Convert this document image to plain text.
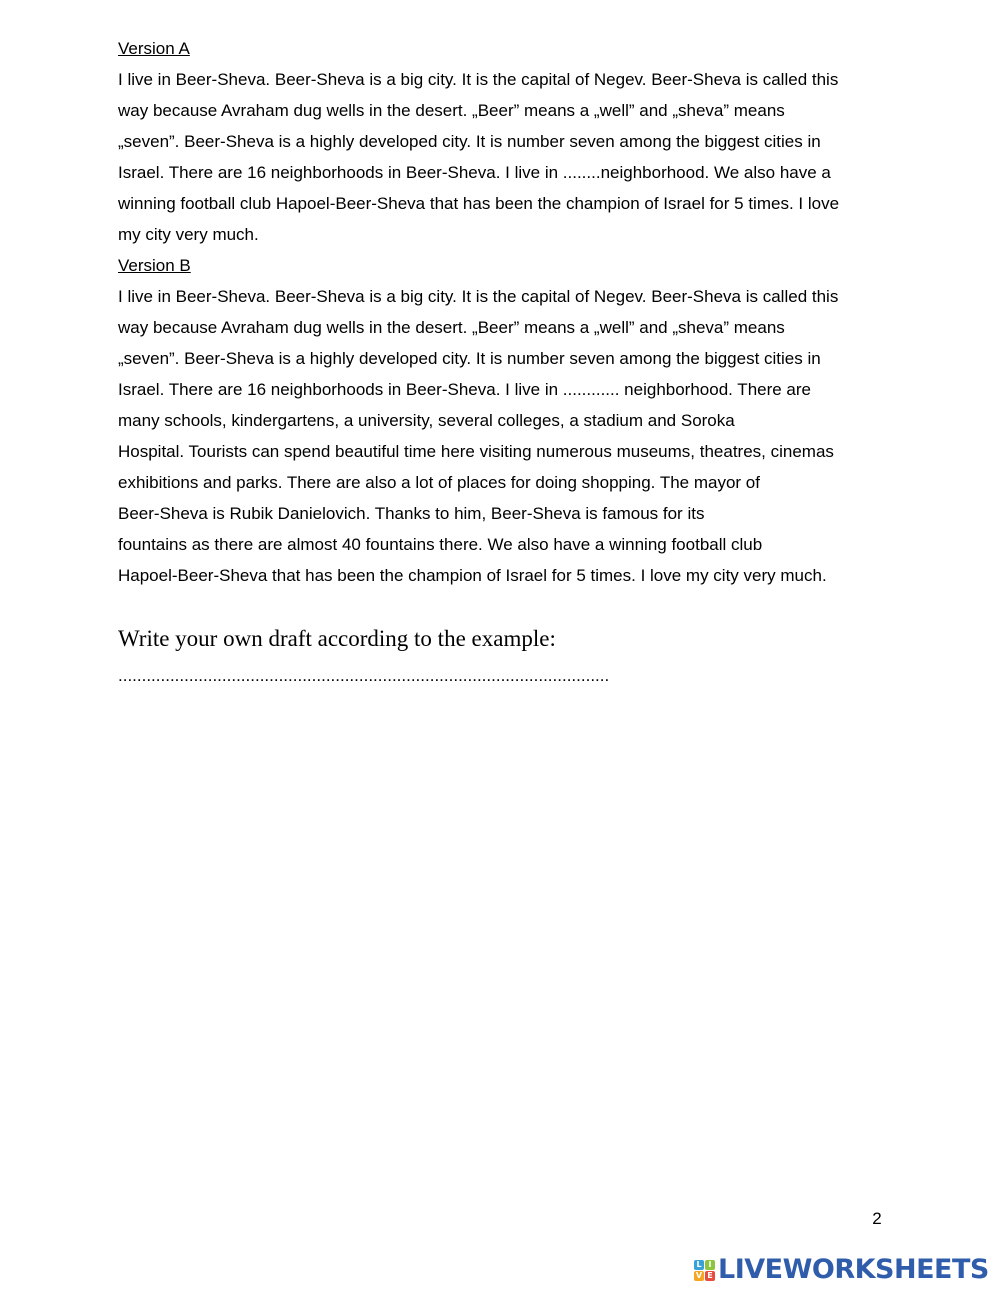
Version A
I live in Beer-Sheva. Beer-Sheva is a big city. It is the capital of Negev. Beer-Sheva is called this
way because Avraham dug wells in the desert. „Beer” means a „well” and „sheva” means
„seven”. Beer-Sheva is a highly developed city. It is number seven among the biggest cities in
Israel. There are 16 neighborhoods in Beer-Sheva. I live in ........neighborhood. We also have a
winning football club Hapoel-Beer-Sheva that has been the champion of Israel for 5 times. I love
my city very much.
Version B
I live in Beer-Sheva. Beer-Sheva is a big city. It is the capital of Negev. Beer-Sheva is called this
way because Avraham dug wells in the desert. „Beer” means a „well” and „sheva” means
„seven”. Beer-Sheva is a highly developed city. It is number seven among the biggest cities in
Israel. There are 16 neighborhoods in Beer-Sheva. I live in ............ neighborhood. There are
many schools, kindergartens, a university, several colleges, a stadium and Soroka
Hospital. Tourists can spend beautiful time here visiting numerous museums, theatres, cinemas
exhibitions and parks. There are also a lot of places for doing shopping. The mayor of
Beer-Sheva is Rubik Danielovich. Thanks to him, Beer-Sheva is famous for its
fountains as there are almost 40 fountains there. We also have a winning football club
Hapoel-Beer-Sheva that has been the champion of Israel for 5 times. I love my city very much.
Write your own draft according to the example:
........................................................................................................
2
L I
V E LIVEWORKSHEETS
